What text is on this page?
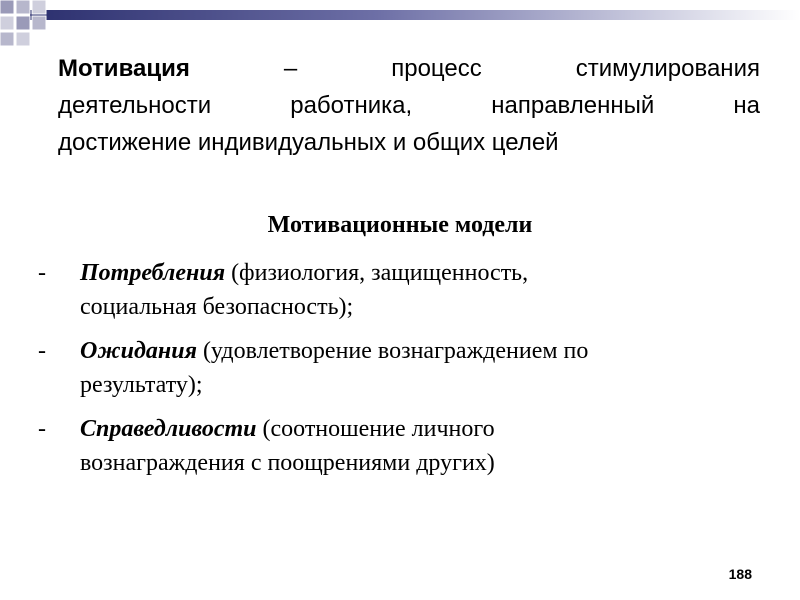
Мотивация	–	процесс	стимулирования
деятельности	работника,	направленный	на
достижение индивидуальных и общих целей
Мотивационные модели
- Потребления (физиология, защищенность,
социальная безопасность);
- Ожидания (удовлетворение вознаграждением по
результату);
- Справедливости (соотношение личного
вознаграждения с поощрениями других)
188
